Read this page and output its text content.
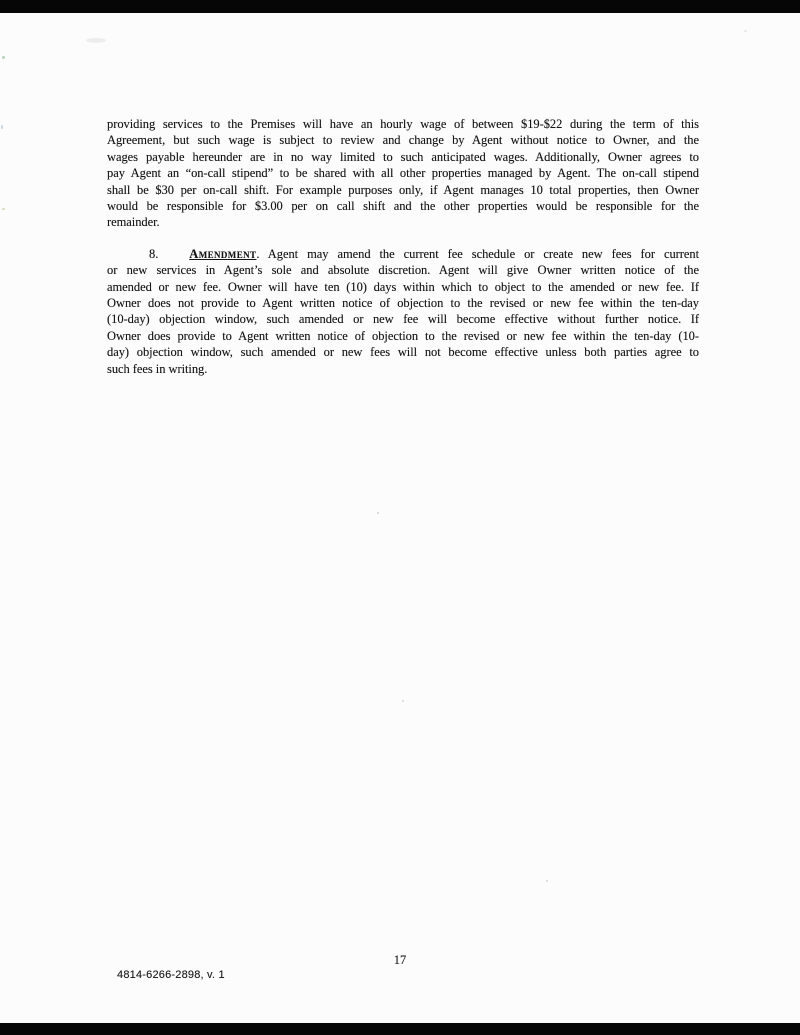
providing services to the Premises will have an hourly wage of between $19-$22 during the term of this
Agreement, but such wage is subject to review and change by Agent without notice to Owner, and the
wages payable hereunder are in no way limited to such anticipated wages. Additionally, Owner agrees to
pay Agent an “on-call stipend” to be shared with all other properties managed by Agent. The on-call stipend
shall be $30 per on-call shift. For example purposes only, if Agent manages 10 total properties, then Owner
would be responsible for $3.00 per on call shift and the other properties would be responsible for the
remainder.
8. Amendment. Agent may amend the current fee schedule or create new fees for current
or new services in Agent’s sole and absolute discretion. Agent will give Owner written notice of the
amended or new fee. Owner will have ten (10) days within which to object to the amended or new fee. If
Owner does not provide to Agent written notice of objection to the revised or new fee within the ten-day
(10-day) objection window, such amended or new fee will become effective without further notice. If
Owner does provide to Agent written notice of objection to the revised or new fee within the ten-day (10-
day) objection window, such amended or new fees will not become effective unless both parties agree to
such fees in writing.
17
4814-6266-2898, v. 1
